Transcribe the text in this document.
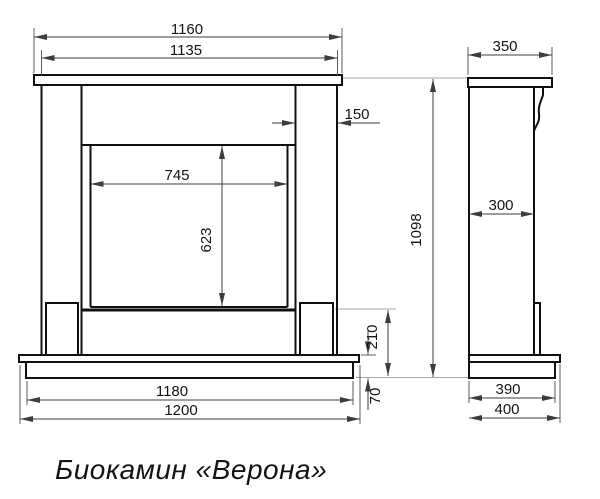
1160
1135
150
745
623
210
70
1180
1200
350
300
1098
390
400
Биокамин «Верона»
